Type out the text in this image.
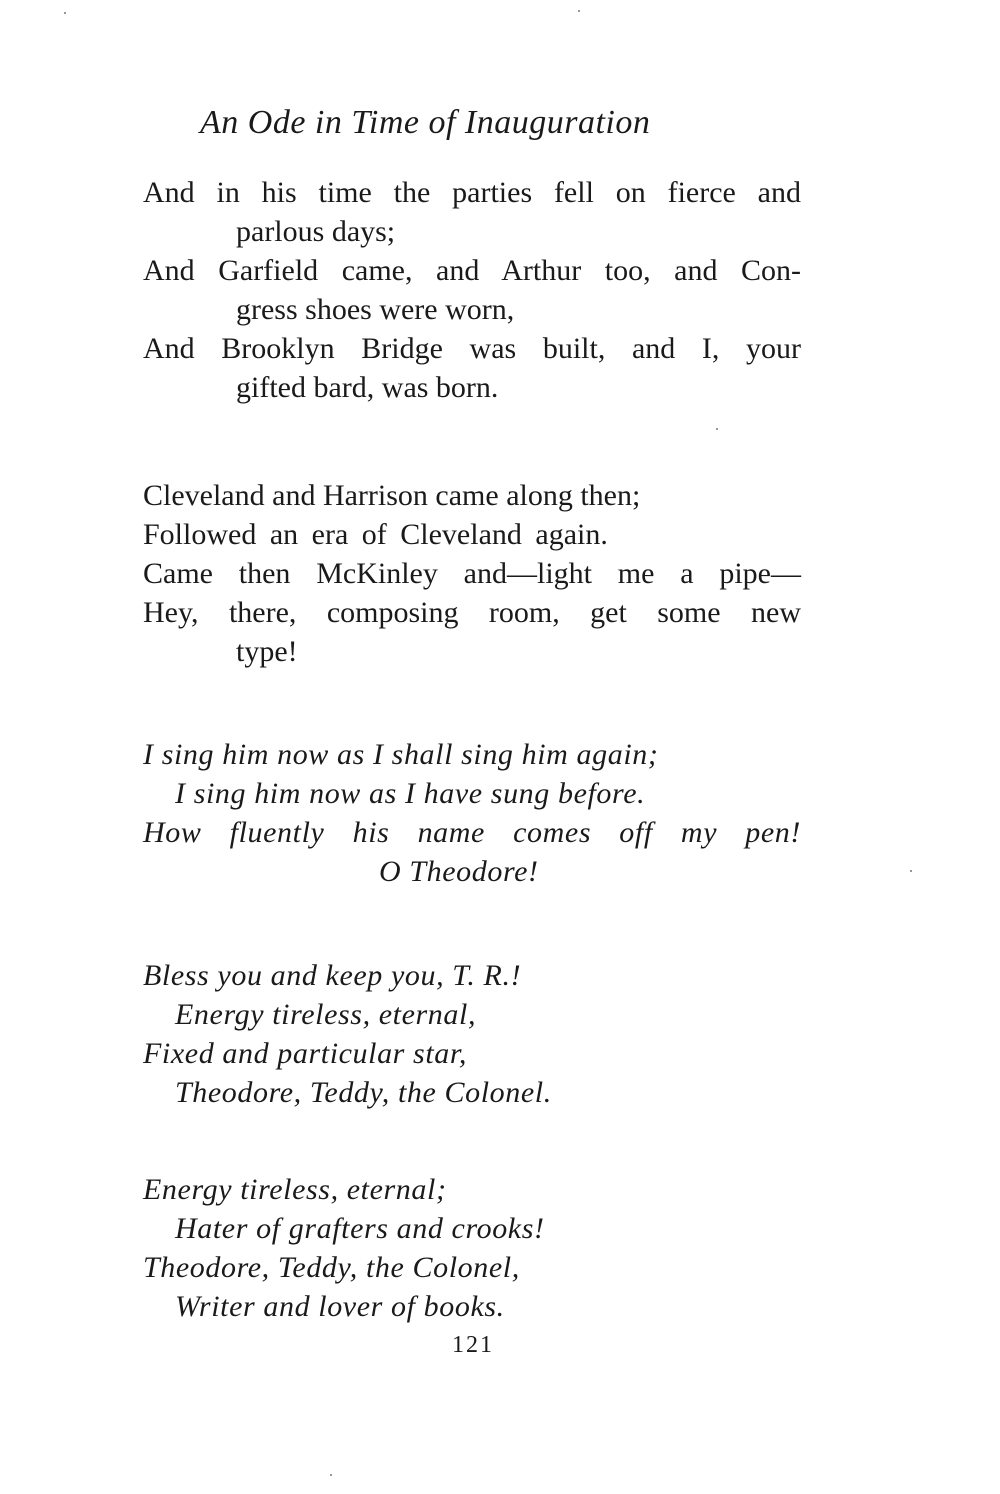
An Ode in Time of Inauguration
And in his time the parties fell on fierce and
parlous days;
And Garfield came, and Arthur too, and Con-
gress shoes were worn,
And Brooklyn Bridge was built, and I, your
gifted bard, was born.
Cleveland and Harrison came along then;
Followed an era of Cleveland again.
Came then McKinley and—light me a pipe—
Hey, there, composing room, get some new
type!
I sing him now as I shall sing him again;
I sing him now as I have sung before.
How fluently his name comes off my pen!
O Theodore!
Bless you and keep you, T. R.!
Energy tireless, eternal,
Fixed and particular star,
Theodore, Teddy, the Colonel.
Energy tireless, eternal;
Hater of grafters and crooks!
Theodore, Teddy, the Colonel,
Writer and lover of books.
121
